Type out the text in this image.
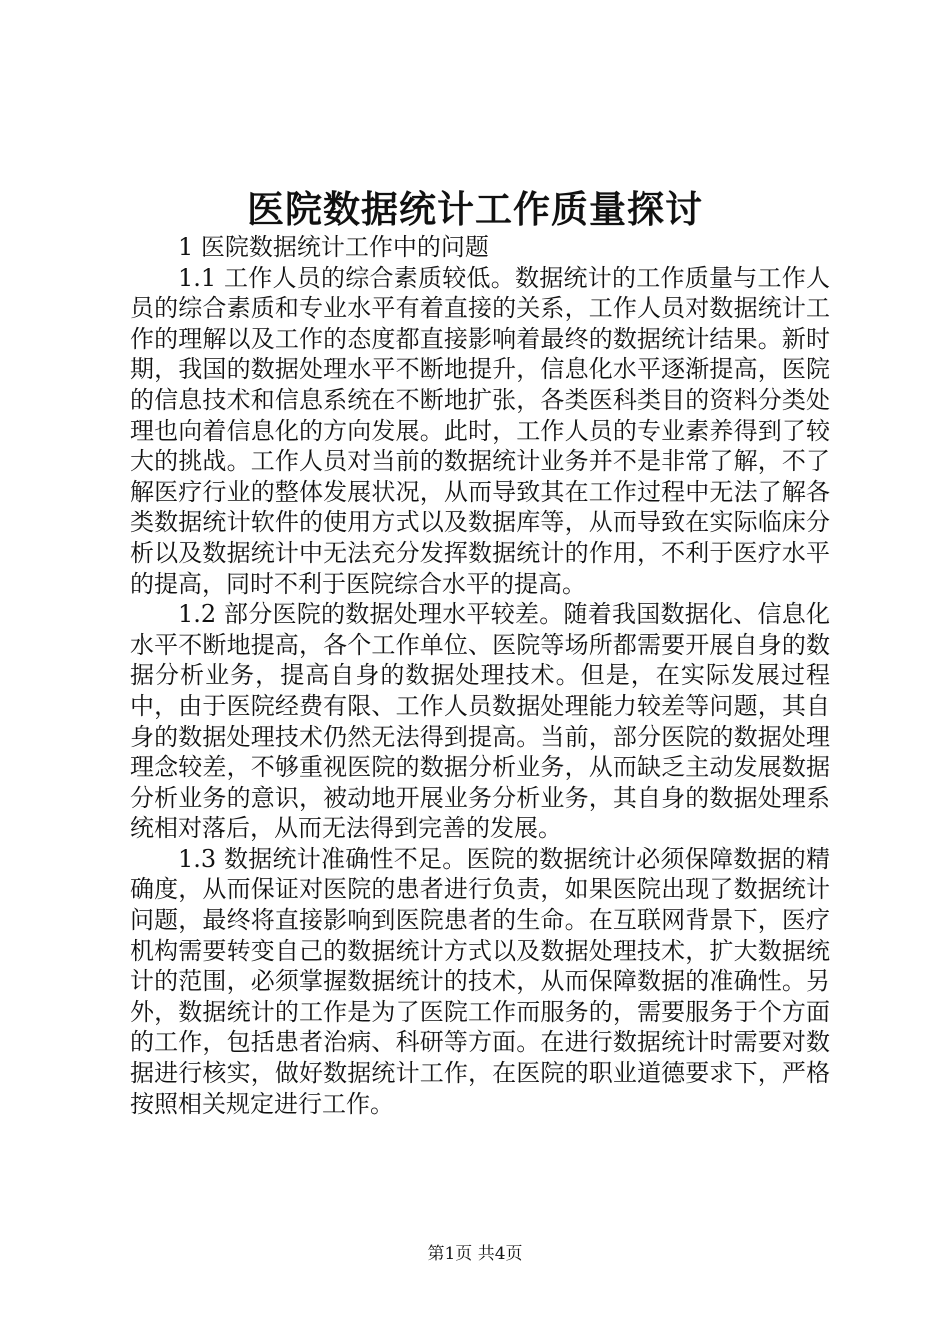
医院数据统计工作质量探讨

1 医院数据统计工作中的问题

1.1 工作人员的综合素质较低。数据统计的工作质量与工作人员的综合素质和专业水平有着直接的关系，工作人员对数据统计工作的理解以及工作的态度都直接影响着最终的数据统计结果。新时期，我国的数据处理水平不断地提升，信息化水平逐渐提高，医院的信息技术和信息系统在不断地扩张，各类医科类目的资料分类处理也向着信息化的方向发展。此时，工作人员的专业素养得到了较大的挑战。工作人员对当前的数据统计业务并不是非常了解，不了解医疗行业的整体发展状况，从而导致其在工作过程中无法了解各类数据统计软件的使用方式以及数据库等，从而导致在实际临床分析以及数据统计中无法充分发挥数据统计的作用，不利于医疗水平的提高，同时不利于医院综合水平的提高。

1.2 部分医院的数据处理水平较差。随着我国数据化、信息化水平不断地提高，各个工作单位、医院等场所都需要开展自身的数据分析业务，提高自身的数据处理技术。但是，在实际发展过程中，由于医院经费有限、工作人员数据处理能力较差等问题，其自身的数据处理技术仍然无法得到提高。当前，部分医院的数据处理理念较差，不够重视医院的数据分析业务，从而缺乏主动发展数据分析业务的意识，被动地开展业务分析业务，其自身的数据处理系统相对落后，从而无法得到完善的发展。

1.3 数据统计准确性不足。医院的数据统计必须保障数据的精确度，从而保证对医院的患者进行负责，如果医院出现了数据统计问题，最终将直接影响到医院患者的生命。在互联网背景下，医疗机构需要转变自己的数据统计方式以及数据处理技术，扩大数据统计的范围，必须掌握数据统计的技术，从而保障数据的准确性。另外，数据统计的工作是为了医院工作而服务的，需要服务于个方面的工作，包括患者治病、科研等方面。在进行数据统计时需要对数据进行核实，做好数据统计工作，在医院的职业道德要求下，严格按照相关规定进行工作。

第1页 共4页
